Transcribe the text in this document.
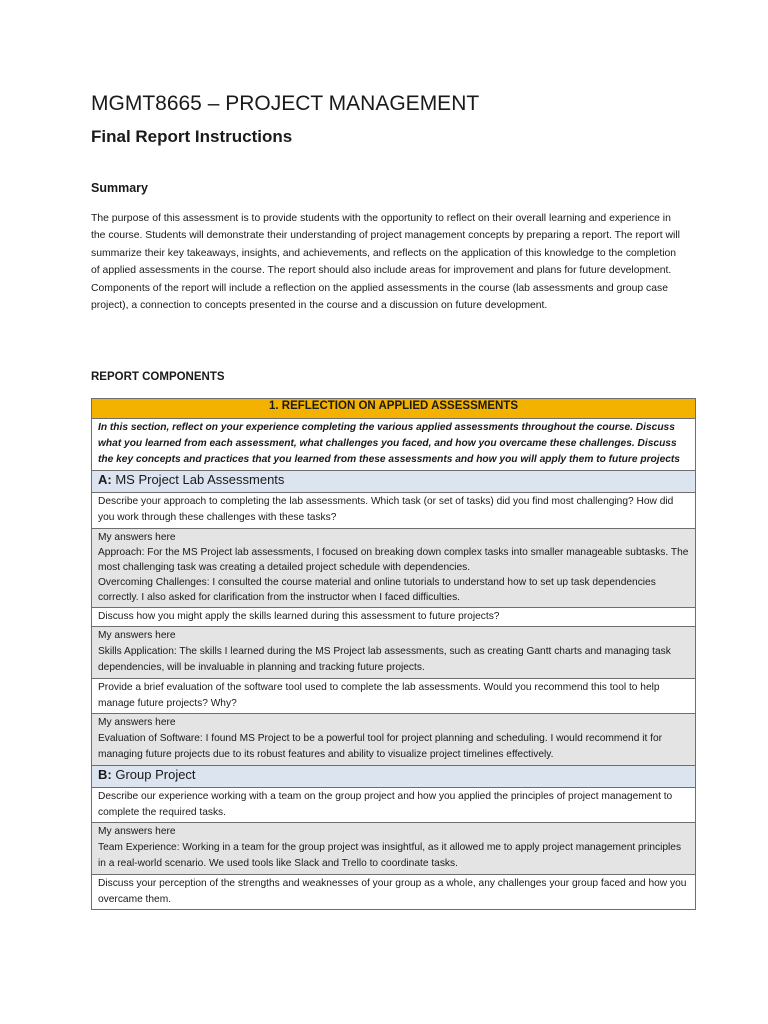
MGMT8665 – PROJECT MANAGEMENT
Final Report Instructions
Summary
The purpose of this assessment is to provide students with the opportunity to reflect on their overall learning and experience in the course. Students will demonstrate their understanding of project management concepts by preparing a report. The report will summarize their key takeaways, insights, and achievements, and reflects on the application of this knowledge to the completion of applied assessments in the course. The report should also include areas for improvement and plans for future development. Components of the report will include a reflection on the applied assessments in the course (lab assessments and group case project), a connection to concepts presented in the course and a discussion on future development.
REPORT COMPONENTS
1. REFLECTION ON APPLIED ASSESSMENTS
In this section, reflect on your experience completing the various applied assessments throughout the course. Discuss what you learned from each assessment, what challenges you faced, and how you overcame these challenges. Discuss the key concepts and practices that you learned from these assessments and how you will apply them to future projects
A: MS Project Lab Assessments
Describe your approach to completing the lab assessments. Which task (or set of tasks) did you find most challenging? How did you work through these challenges with these tasks?

My answers here
Approach: For the MS Project lab assessments, I focused on breaking down complex tasks into smaller manageable subtasks. The most challenging task was creating a detailed project schedule with dependencies.
Overcoming Challenges: I consulted the course material and online tutorials to understand how to set up task dependencies correctly. I also asked for clarification from the instructor when I faced difficulties.

Discuss how you might apply the skills learned during this assessment to future projects?

My answers here
Skills Application: The skills I learned during the MS Project lab assessments, such as creating Gantt charts and managing task dependencies, will be invaluable in planning and tracking future projects.

Provide a brief evaluation of the software tool used to complete the lab assessments. Would you recommend this tool to help manage future projects? Why?

My answers here
Evaluation of Software: I found MS Project to be a powerful tool for project planning and scheduling. I would recommend it for managing future projects due to its robust features and ability to visualize project timelines effectively.

B: Group Project
Describe our experience working with a team on the group project and how you applied the principles of project management to complete the required tasks.

My answers here
Team Experience: Working in a team for the group project was insightful, as it allowed me to apply project management principles in a real-world scenario. We used tools like Slack and Trello to coordinate tasks.

Discuss your perception of the strengths and weaknesses of your group as a whole, any challenges your group faced and how you overcame them.
